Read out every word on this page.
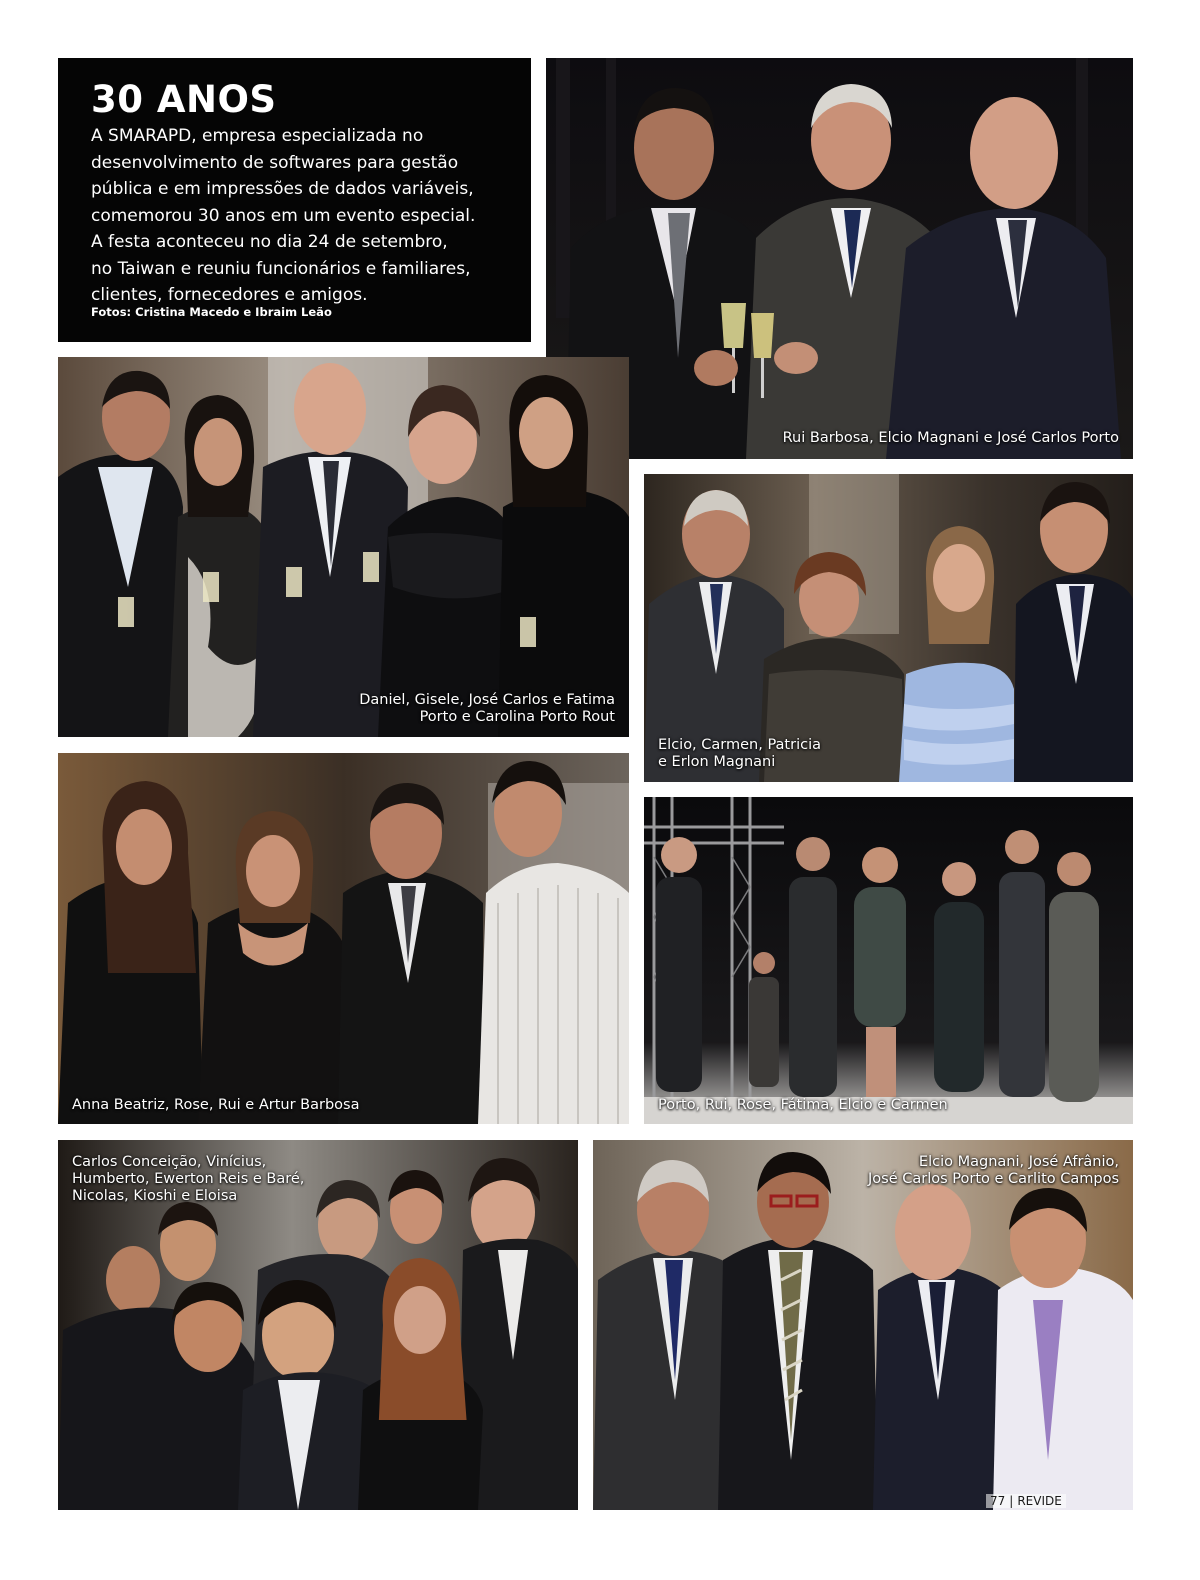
30 ANOS
A SMARAPD, empresa especializada no
desenvolvimento de softwares para gestão
pública e em impressões de dados variáveis,
comemorou 30 anos em um evento especial.
A festa aconteceu no dia 24 de setembro,
no Taiwan e reuniu funcionários e familiares,
clientes, fornecedores e amigos.
Fotos: Cristina Macedo e Ibraim Leão
Rui Barbosa, Elcio Magnani e José Carlos Porto
Daniel, Gisele, José Carlos e Fatima
Porto e Carolina Porto Rout
Elcio, Carmen, Patricia
e Erlon Magnani
Anna Beatriz, Rose, Rui e Artur Barbosa	Porto, Rui, Rose, Fátima, Elcio e Carmen
Carlos Conceição, Vinícius,
Humberto, Ewerton Reis e Baré,
Nicolas, Kioshi e Eloisa
Elcio Magnani, José Afrânio,
José Carlos Porto e Carlito Campos
77 | REVIDE
